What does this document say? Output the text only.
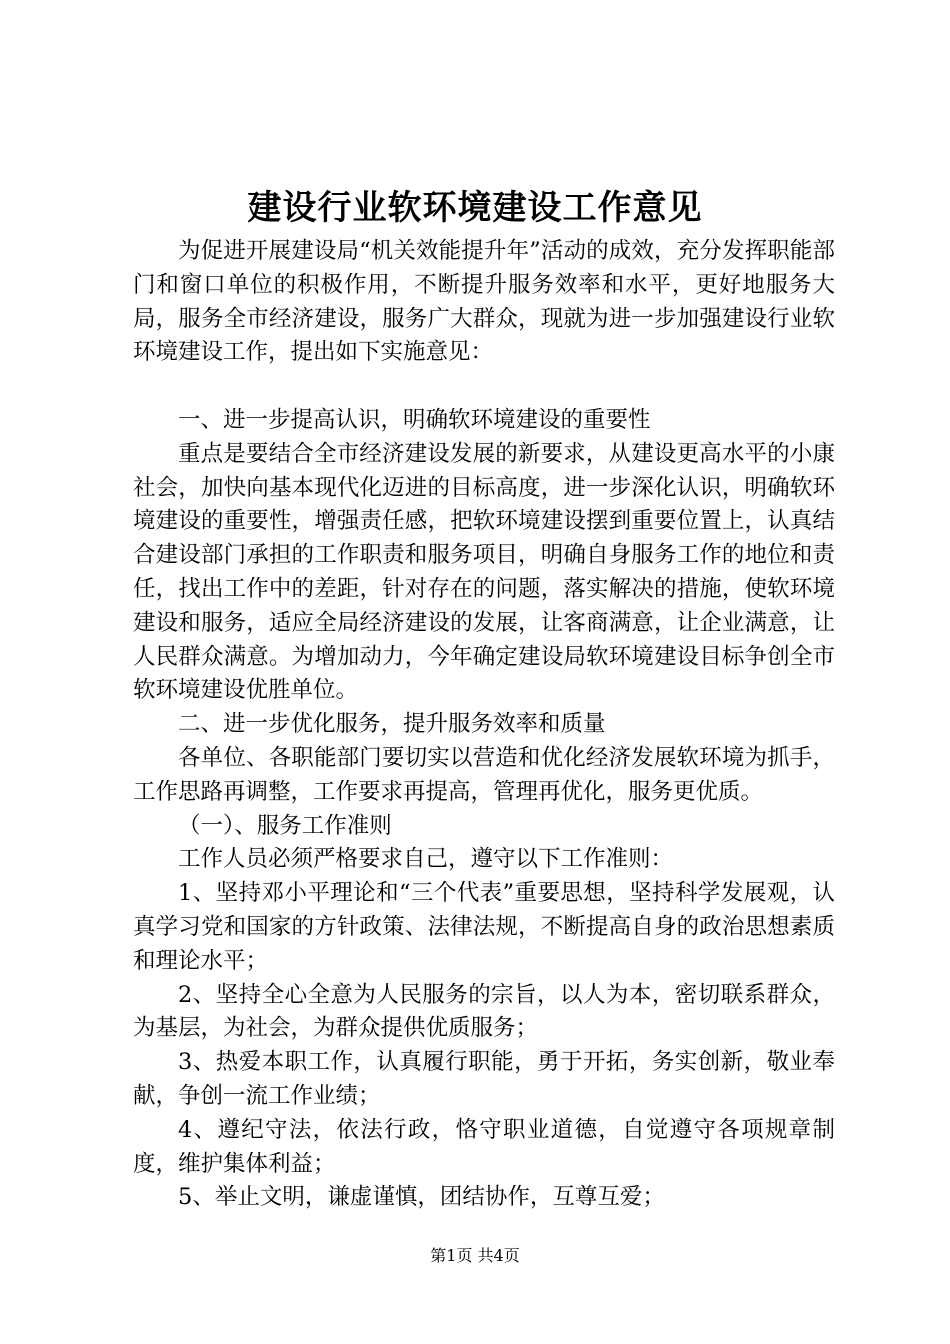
建设行业软环境建设工作意见

为促进开展建设局“机关效能提升年”活动的成效，充分发挥职能部门和窗口单位的积极作用，不断提升服务效率和水平，更好地服务大局，服务全市经济建设，服务广大群众，现就为进一步加强建设行业软环境建设工作，提出如下实施意见：

一、进一步提高认识，明确软环境建设的重要性

重点是要结合全市经济建设发展的新要求，从建设更高水平的小康社会，加快向基本现代化迈进的目标高度，进一步深化认识，明确软环境建设的重要性，增强责任感，把软环境建设摆到重要位置上，认真结合建设部门承担的工作职责和服务项目，明确自身服务工作的地位和责任，找出工作中的差距，针对存在的问题，落实解决的措施，使软环境建设和服务，适应全局经济建设的发展，让客商满意，让企业满意，让人民群众满意。为增加动力，今年确定建设局软环境建设目标争创全市软环境建设优胜单位。

二、进一步优化服务，提升服务效率和质量

各单位、各职能部门要切实以营造和优化经济发展软环境为抓手，工作思路再调整，工作要求再提高，管理再优化，服务更优质。

（一）、服务工作准则

工作人员必须严格要求自己，遵守以下工作准则：

1、坚持邓小平理论和“三个代表”重要思想，坚持科学发展观，认真学习党和国家的方针政策、法律法规，不断提高自身的政治思想素质和理论水平；

2、坚持全心全意为人民服务的宗旨，以人为本，密切联系群众，为基层，为社会，为群众提供优质服务；

3、热爱本职工作，认真履行职能，勇于开拓，务实创新，敬业奉献，争创一流工作业绩；

4、遵纪守法，依法行政，恪守职业道德，自觉遵守各项规章制度，维护集体利益；

5、举止文明，谦虚谨慎，团结协作，互尊互爱；

第1页 共4页
